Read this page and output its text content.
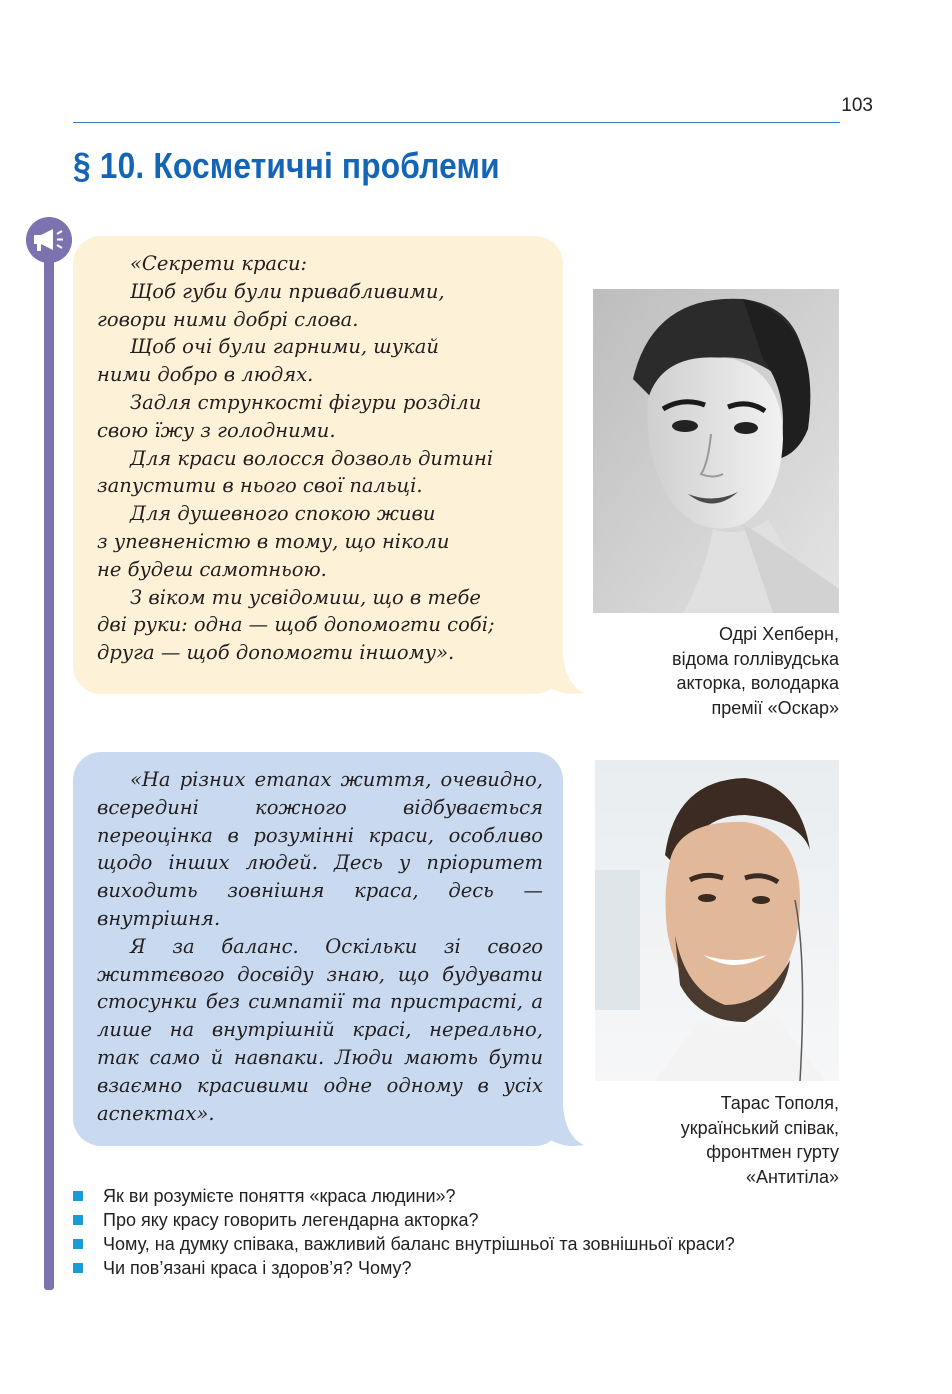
103
§ 10. Косметичні проблеми
«Секрети краси:
Щоб губи були привабливими,
говори ними добрі слова.
Щоб очі були гарними, шукай
ними добро в людях.
Задля стрункості фігури розділи
свою їжу з голодними.
Для краси волосся дозволь дитині
запустити в нього свої пальці.
Для душевного спокою живи
з упевненістю в тому, що ніколи
не будеш самотньою.
З віком ти усвідомиш, що в тебе
дві руки: одна — щоб допомогти собі;
друга — щоб допомогти іншому».
Одрі Хепберн,
відома голлівудська
акторка, володарка
премії «Оскар»

«На різних етапах життя, очевидно, всередині кожного відбувається переоцінка в розумінні краси, особливо щодо інших людей. Десь у пріоритет виходить зовнішня краса, десь — внутрішня.

Я за баланс. Оскільки зі свого життєвого досвіду знаю, що будувати стосунки без симпатії та пристрасті, а лише на внутрішній красі, нереально, так само й навпаки. Люди мають бути взаємно красивими одне одному в усіх аспектах».	Тарас Тополя,
український співак,
фронтмен гурту
«Антитіла»
Як ви розумієте поняття «краса людини»?
Про яку красу говорить легендарна акторка?
Чому, на думку співака, важливий баланс внутрішньої та зовнішньої краси?
Чи пов’язані краса і здоров’я? Чому?
